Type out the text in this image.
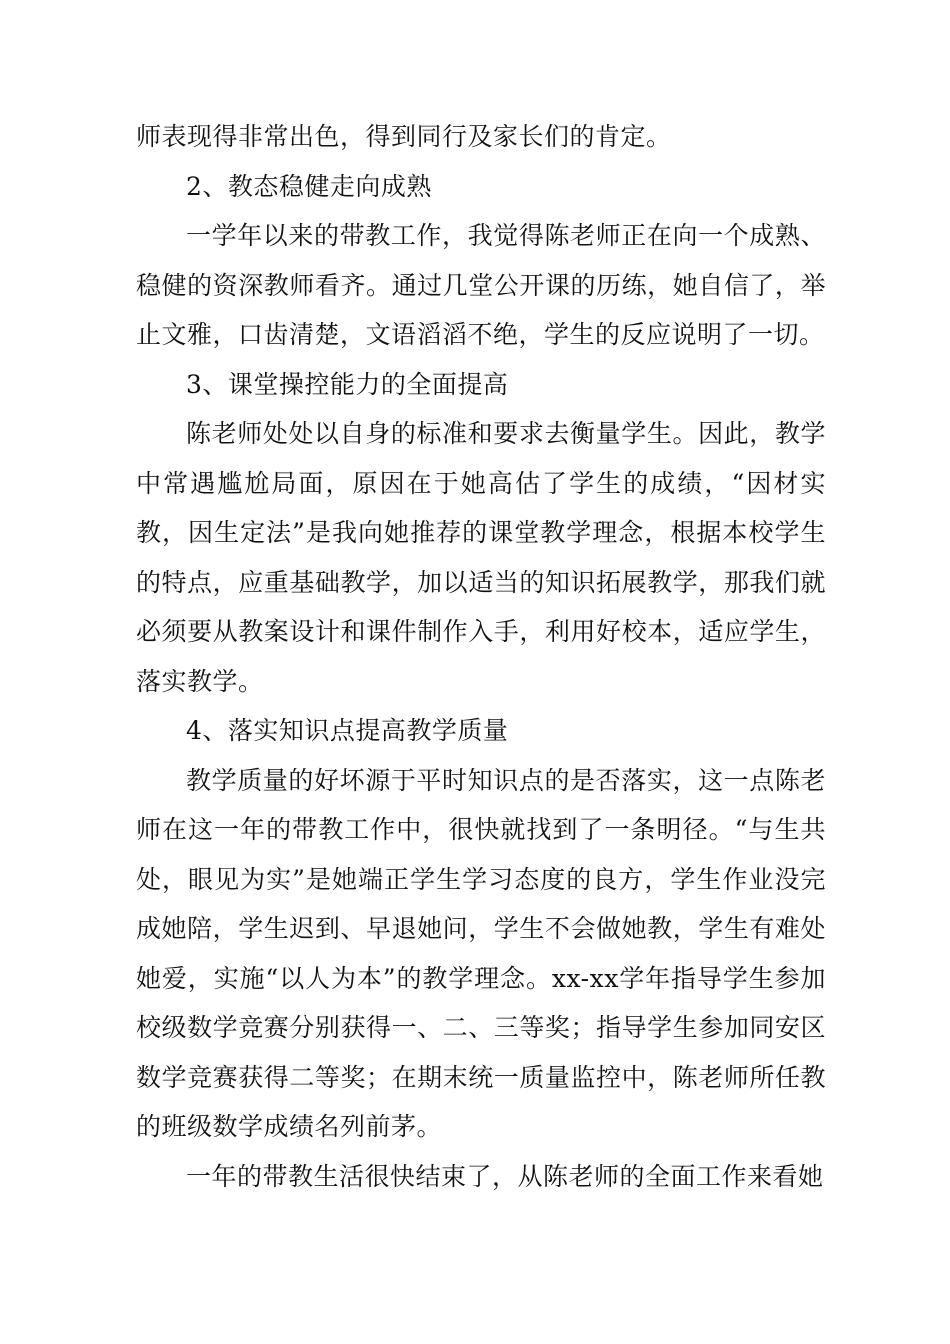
师表现得非常出色，得到同行及家长们的肯定。

2、教态稳健走向成熟

一学年以来的带教工作，我觉得陈老师正在向一个成熟、稳健的资深教师看齐。通过几堂公开课的历练，她自信了，举止文雅，口齿清楚，文语滔滔不绝，学生的反应说明了一切。

3、课堂操控能力的全面提高

陈老师处处以自身的标准和要求去衡量学生。因此，教学中常遇尴尬局面，原因在于她高估了学生的成绩，“因材实教，因生定法”是我向她推荐的课堂教学理念，根据本校学生的特点，应重基础教学，加以适当的知识拓展教学，那我们就必须要从教案设计和课件制作入手，利用好校本，适应学生，落实教学。

4、落实知识点提高教学质量

教学质量的好坏源于平时知识点的是否落实，这一点陈老师在这一年的带教工作中，很快就找到了一条明径。“与生共处，眼见为实”是她端正学生学习态度的良方，学生作业没完成她陪，学生迟到、早退她问，学生不会做她教，学生有难处她爱，实施“以人为本”的教学理念。xx-xx学年指导学生参加校级数学竞赛分别获得一、二、三等奖；指导学生参加同安区数学竞赛获得二等奖；在期末统一质量监控中，陈老师所任教的班级数学成绩名列前茅。

一年的带教生活很快结束了，从陈老师的全面工作来看她
